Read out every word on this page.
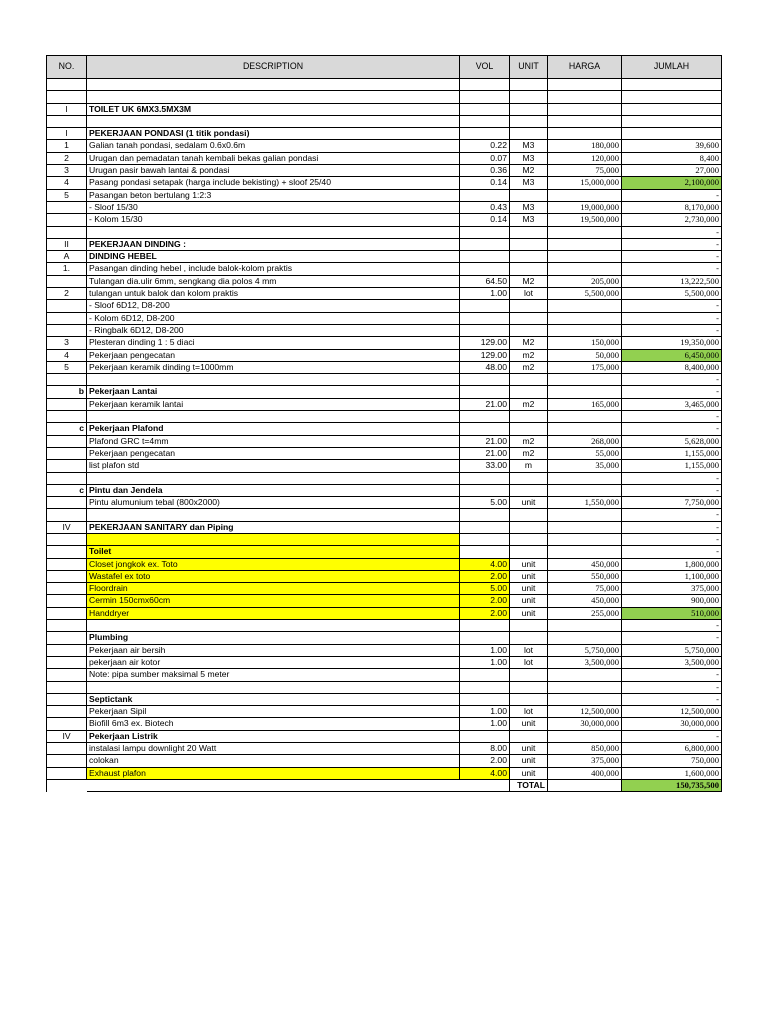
NO.	DESCRIPTION	VOL	UNIT	HARGA	JUMLAH

I	TOILET UK 6MX3.5MX3M				

I	PEKERJAAN PONDASI (1 titik pondasi)				
1	Galian tanah pondasi, sedalam 0.6x0.6m	0.22	M3	180,000	39,600
2	Urugan dan pemadatan tanah kembali bekas galian pondasi	0.07	M3	120,000	8,400
3	Urugan pasir bawah lantai & pondasi	0.36	M2	75,000	27,000
4	Pasang pondasi setapak (harga include bekisting) + sloof 25/40	0.14	M3	15,000,000	2,100,000
5	Pasangan beton bertulang 1:2:3				-
	- Sloof 15/30	0.43	M3	19,000,000	8,170,000
	- Kolom 15/30	0.14	M3	19,500,000	2,730,000
					-
II	PEKERJAAN DINDING :				-
A	DINDING HEBEL				-
1.	Pasangan dinding hebel , include balok-kolom praktis				-
	Tulangan dia.ulir 6mm, sengkang dia polos 4 mm	64.50	M2	205,000	13,222,500
2	tulangan untuk balok dan kolom praktis	1.00	lot	5,500,000	5,500,000
	- Sloof 6D12, D8-200				-
	- Kolom 6D12, D8-200				-
	- Ringbalk 6D12, D8-200				-
3	Plesteran dinding 1 : 5 diaci	129.00	M2	150,000	19,350,000
4	Pekerjaan pengecatan	129.00	m2	50,000	6,450,000
5	Pekerjaan keramik dinding t=1000mm	48.00	m2	175,000	8,400,000
					-
b	Pekerjaan Lantai				-
	Pekerjaan keramik lantai	21.00	m2	165,000	3,465,000
					-
c	Pekerjaan Plafond				-
	Plafond GRC t=4mm	21.00	m2	268,000	5,628,000
	Pekerjaan pengecatan	21.00	m2	55,000	1,155,000
	list plafon std	33.00	m	35,000	1,155,000
					-
c	Pintu dan Jendela				-
	Pintu alumunium tebal (800x2000)	5.00	unit	1,550,000	7,750,000
					-
IV	PEKERJAAN SANITARY dan Piping				-
					-
	Toilet				-
	Closet jongkok ex. Toto	4.00	unit	450,000	1,800,000
	Wastafel ex toto	2.00	unit	550,000	1,100,000
	Floordrain	5.00	unit	75,000	375,000
	Cermin 150cmx60cm	2.00	unit	450,000	900,000
	Handdryer	2.00	unit	255,000	510,000
					-
	Plumbing				-
	Pekerjaan air bersih	1.00	lot	5,750,000	5,750,000
	pekerjaan air kotor	1.00	lot	3,500,000	3,500,000
	Note: pipa sumber maksimal 5 meter				-
					-
	Septictank				-
	Pekerjaan Sipil	1.00	lot	12,500,000	12,500,000
	Biofill 6m3 ex. Biotech	1.00	unit	30,000,000	30,000,000
IV	Pekerjaan Listrik				-
	instalasi lampu downlight 20 Watt	8.00	unit	850,000	6,800,000
	colokan	2.00	unit	375,000	750,000
	Exhaust plafon	4.00	unit	400,000	1,600,000
			TOTAL		150,735,500
